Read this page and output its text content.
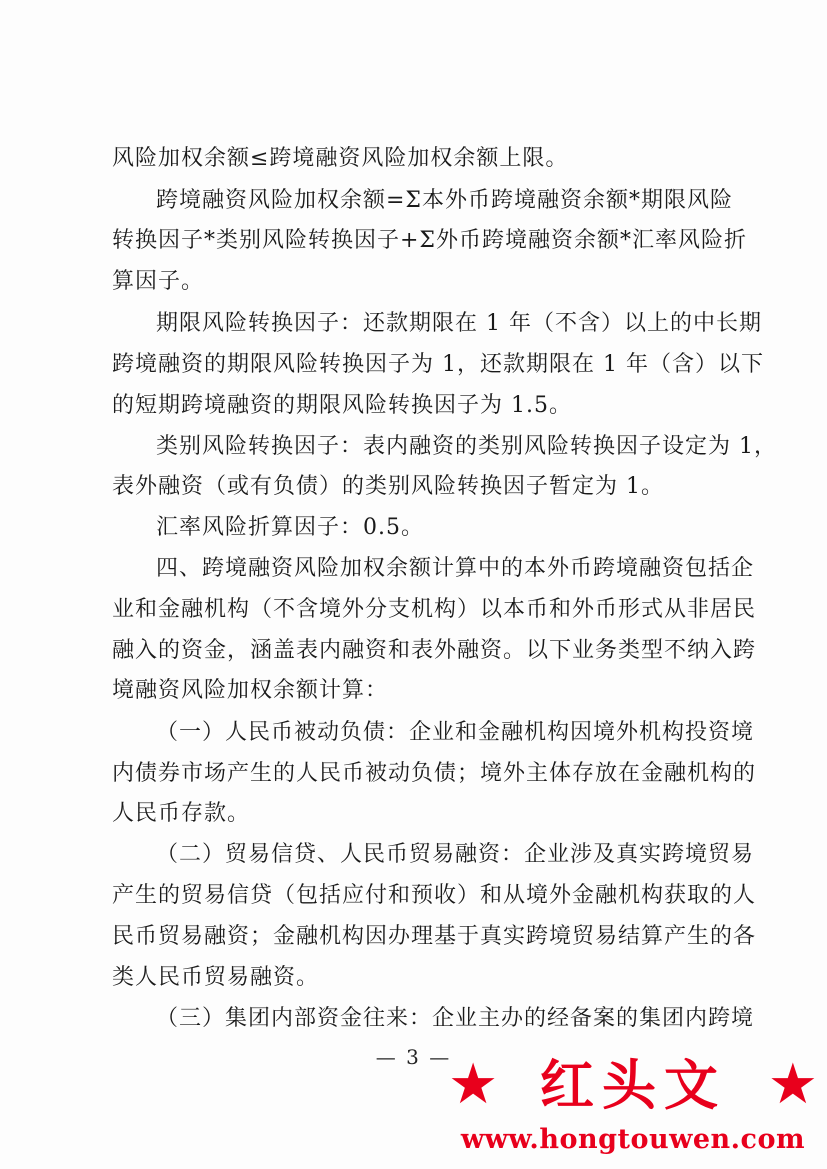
风险加权余额≤跨境融资风险加权余额上限。
跨境融资风险加权余额=Σ本外币跨境融资余额*期限风险
转换因子*类别风险转换因子+Σ外币跨境融资余额*汇率风险折
算因子。
期限风险转换因子：还款期限在 1 年（不含）以上的中长期
跨境融资的期限风险转换因子为 1，还款期限在 1 年（含）以下
的短期跨境融资的期限风险转换因子为 1.5。
类别风险转换因子：表内融资的类别风险转换因子设定为 1，
表外融资（或有负债）的类别风险转换因子暂定为 1。
汇率风险折算因子：0.5。
四、跨境融资风险加权余额计算中的本外币跨境融资包括企
业和金融机构（不含境外分支机构）以本币和外币形式从非居民
融入的资金，涵盖表内融资和表外融资。以下业务类型不纳入跨
境融资风险加权余额计算：
（一）人民币被动负债：企业和金融机构因境外机构投资境
内债券市场产生的人民币被动负债；境外主体存放在金融机构的
人民币存款。
（二）贸易信贷、人民币贸易融资：企业涉及真实跨境贸易
产生的贸易信贷（包括应付和预收）和从境外金融机构获取的人
民币贸易融资；金融机构因办理基于真实跨境贸易结算产生的各
类人民币贸易融资。
（三）集团内部资金往来：企业主办的经备案的集团内跨境
— 3 —
★ 红头文 ★
www.hongtouwen.com
